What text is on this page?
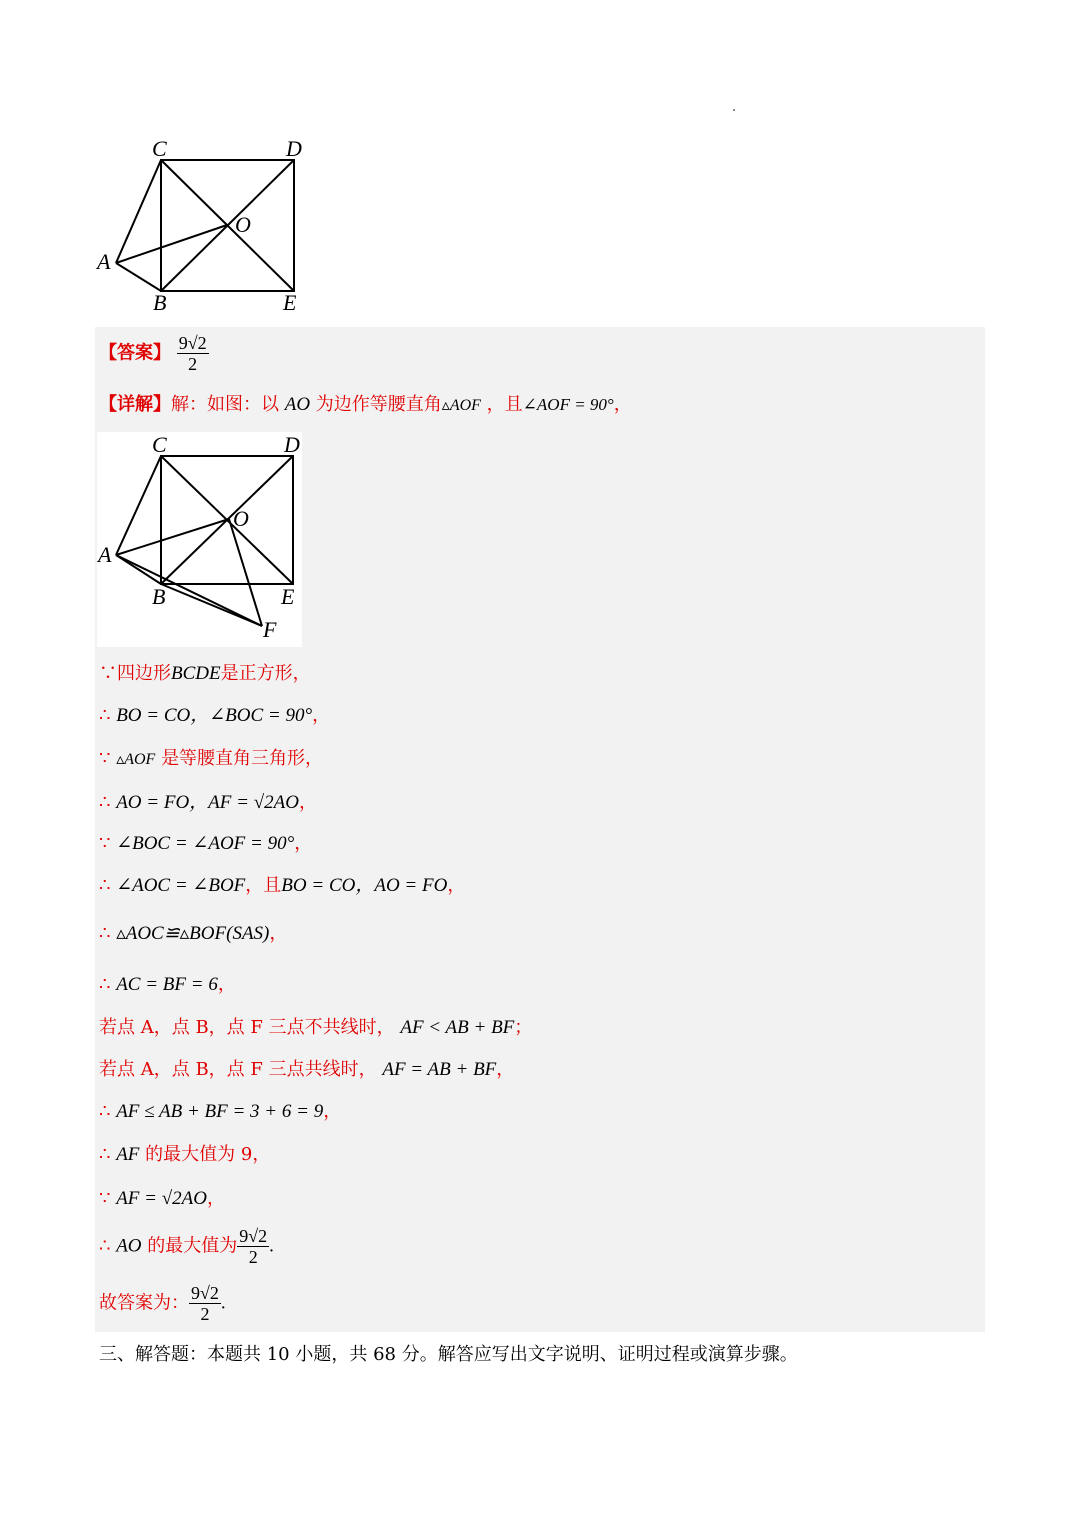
C	D
O
A
B	E
【答案】 $\frac{9√2}{2}$
【详解】解：如图：以 AO 为边作等腰直角▵AOF ，且∠AOF = 90°，
C	D
O
A
B	E
F
∵四边形BCDE是正方形，
∴ BO = CO，∠BOC = 90°，
∵ ▵AOF 是等腰直角三角形，
∴ AO = FO，AF = √2AO，
∵ ∠BOC = ∠AOF = 90°，
∴ ∠AOC = ∠BOF，且BO = CO，AO = FO，
∴ ▵AOC≌▵BOF(SAS)，
∴ AC = BF = 6，
若点 A，点 B，点 F 三点不共线时， AF < AB + BF；
若点 A，点 B，点 F 三点共线时， AF = AB + BF，
∴ AF ≤ AB + BF = 3 + 6 = 9，
∴ AF 的最大值为 9，
∵ AF = √2AO，
∴ AO 的最大值为 $\frac{9√2}{2}$ .
故答案为： $\frac{9√2}{2}$ .
三、解答题：本题共 10 小题，共 68 分。解答应写出文字说明、证明过程或演算步骤。
